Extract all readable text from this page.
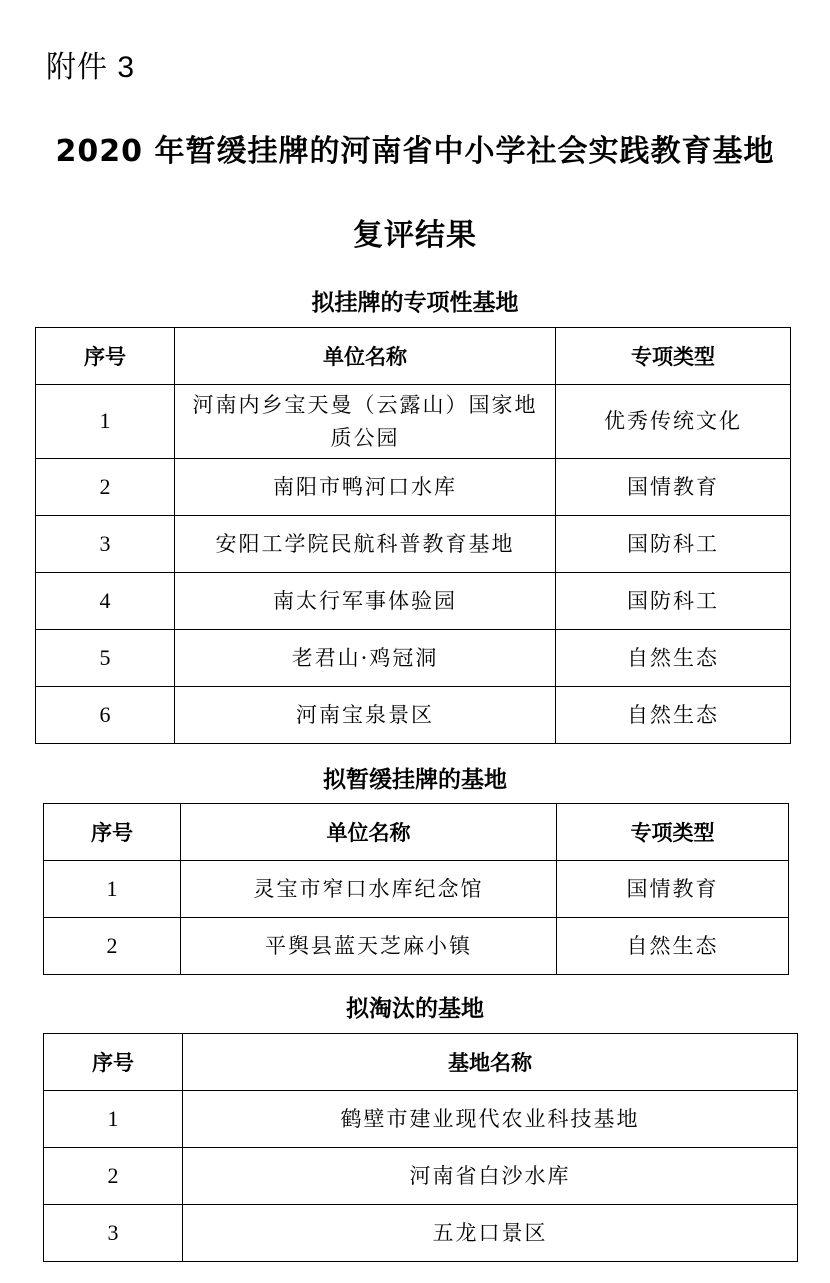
附件 3
2020 年暂缓挂牌的河南省中小学社会实践教育基地
复评结果
拟挂牌的专项性基地
序号	单位名称	专项类型
1	河南内乡宝天曼（云露山）国家地质公园	优秀传统文化
2	南阳市鸭河口水库	国情教育
3	安阳工学院民航科普教育基地	国防科工
4	南太行军事体验园	国防科工
5	老君山·鸡冠洞	自然生态
6	河南宝泉景区	自然生态
拟暂缓挂牌的基地
序号	单位名称	专项类型
1	灵宝市窄口水库纪念馆	国情教育
2	平舆县蓝天芝麻小镇	自然生态
拟淘汰的基地
序号	基地名称
1	鹤壁市建业现代农业科技基地
2	河南省白沙水库
3	五龙口景区
